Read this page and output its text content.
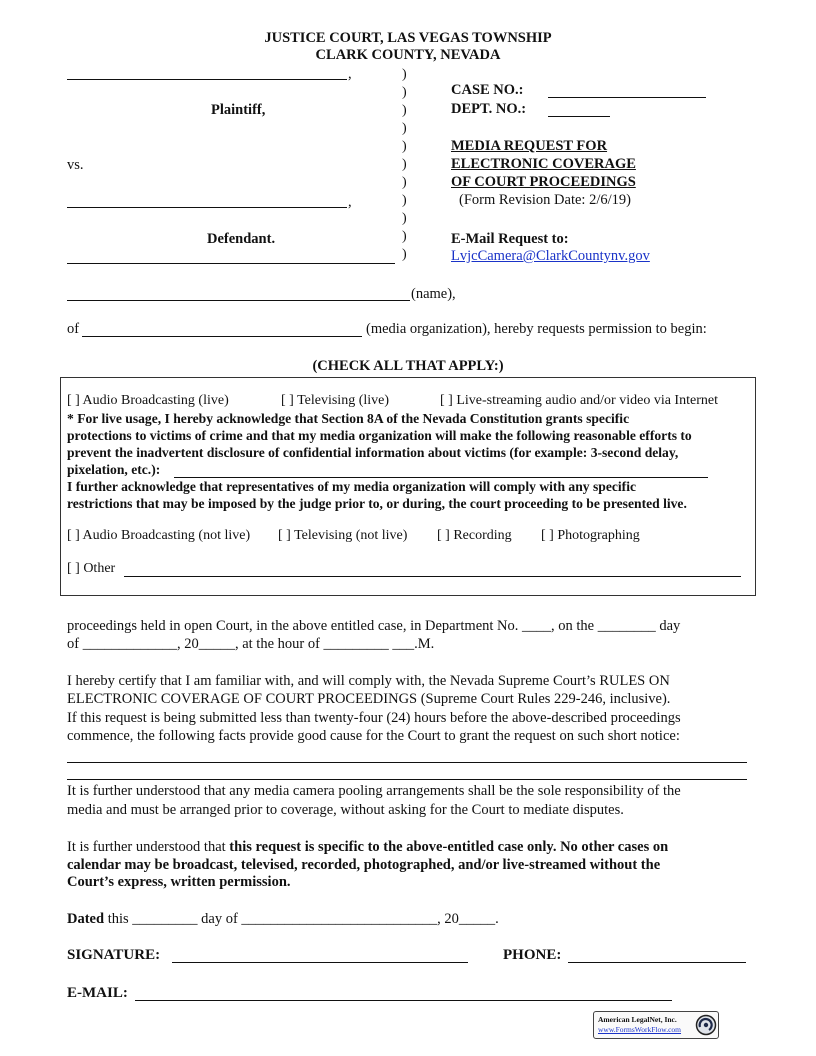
JUSTICE COURT, LAS VEGAS TOWNSHIP
CLARK COUNTY, NEVADA
,
Plaintiff,
vs.
,
Defendant.
)
)
)
)
)
)
)
)
)
)
)
CASE NO.:
DEPT. NO.:
MEDIA REQUEST FOR
ELECTRONIC COVERAGE
OF COURT PROCEEDINGS
(Form Revision Date: 2/6/19)
E-Mail Request to:
LvjcCamera@ClarkCountynv.gov
(name),
of	(media organization), hereby requests permission to begin:
(CHECK ALL THAT APPLY:)
[ ] Audio Broadcasting (live)	[ ] Televising (live)	[ ] Live-streaming audio and/or video via Internet
* For live usage, I hereby acknowledge that Section 8A of the Nevada Constitution grants specific
protections to victims of crime and that my media organization will make the following reasonable efforts to
prevent the inadvertent disclosure of confidential information about victims (for example: 3-second delay,
pixelation, etc.):
I further acknowledge that representatives of my media organization will comply with any specific
restrictions that may be imposed by the judge prior to, or during, the court proceeding to be presented live.
[ ] Audio Broadcasting (not live) [ ] Televising (not live) [ ] Recording [ ] Photographing
[ ] Other
proceedings held in open Court, in the above entitled case, in Department No. ____, on the ________ day
of _____________, 20_____, at the hour of _________ ___.M.
I hereby certify that I am familiar with, and will comply with, the Nevada Supreme Court’s RULES ON
ELECTRONIC COVERAGE OF COURT PROCEEDINGS (Supreme Court Rules 229-246, inclusive).
If this request is being submitted less than twenty-four (24) hours before the above-described proceedings
commence, the following facts provide good cause for the Court to grant the request on such short notice:
It is further understood that any media camera pooling arrangements shall be the sole responsibility of the
media and must be arranged prior to coverage, without asking for the Court to mediate disputes.
It is further understood that this request is specific to the above-entitled case only. No other cases on
calendar may be broadcast, televised, recorded, photographed, and/or live-streamed without the
Court’s express, written permission.
Dated this _________ day of ___________________________, 20_____.
SIGNATURE:	PHONE:
E-MAIL:
American LegalNet, Inc.
www.FormsWorkFlow.com
